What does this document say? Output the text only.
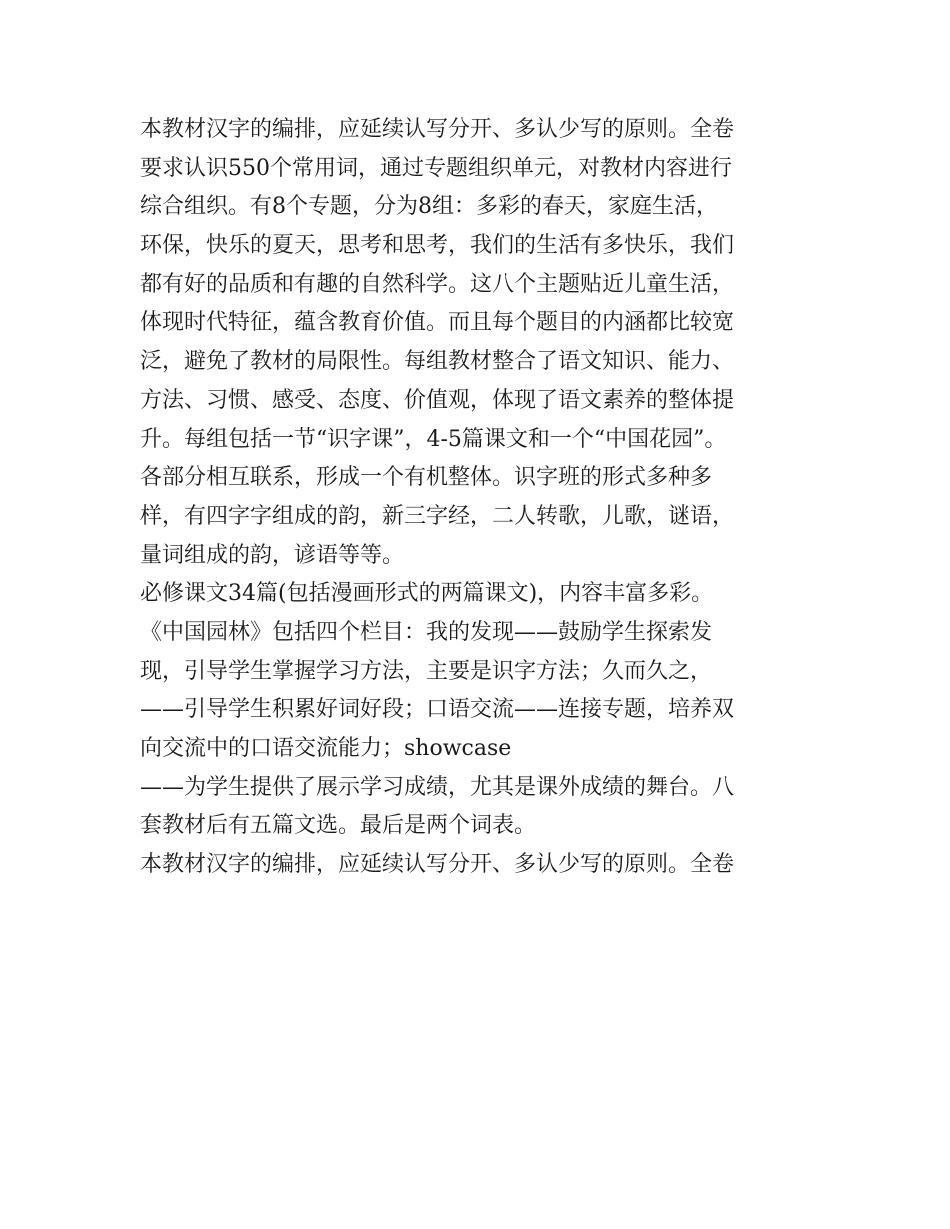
本教材汉字的编排，应延续认写分开、多认少写的原则。全卷
要求认识550个常用词，通过专题组织单元，对教材内容进行
综合组织。有8个专题，分为8组：多彩的春天，家庭生活，
环保，快乐的夏天，思考和思考，我们的生活有多快乐，我们
都有好的品质和有趣的自然科学。这八个主题贴近儿童生活，
体现时代特征，蕴含教育价值。而且每个题目的内涵都比较宽
泛，避免了教材的局限性。每组教材整合了语文知识、能力、
方法、习惯、感受、态度、价值观，体现了语文素养的整体提
升。每组包括一节“识字课”，4-5篇课文和一个“中国花园”。
各部分相互联系，形成一个有机整体。识字班的形式多种多
样，有四字字组成的韵，新三字经，二人转歌，儿歌，谜语，
量词组成的韵，谚语等等。
必修课文34篇(包括漫画形式的两篇课文)，内容丰富多彩。
《中国园林》包括四个栏目：我的发现——鼓励学生探索发
现，引导学生掌握学习方法，主要是识字方法；久而久之，
——引导学生积累好词好段；口语交流——连接专题，培养双
向交流中的口语交流能力；showcase
——为学生提供了展示学习成绩，尤其是课外成绩的舞台。八
套教材后有五篇文选。最后是两个词表。
本教材汉字的编排，应延续认写分开、多认少写的原则。全卷
